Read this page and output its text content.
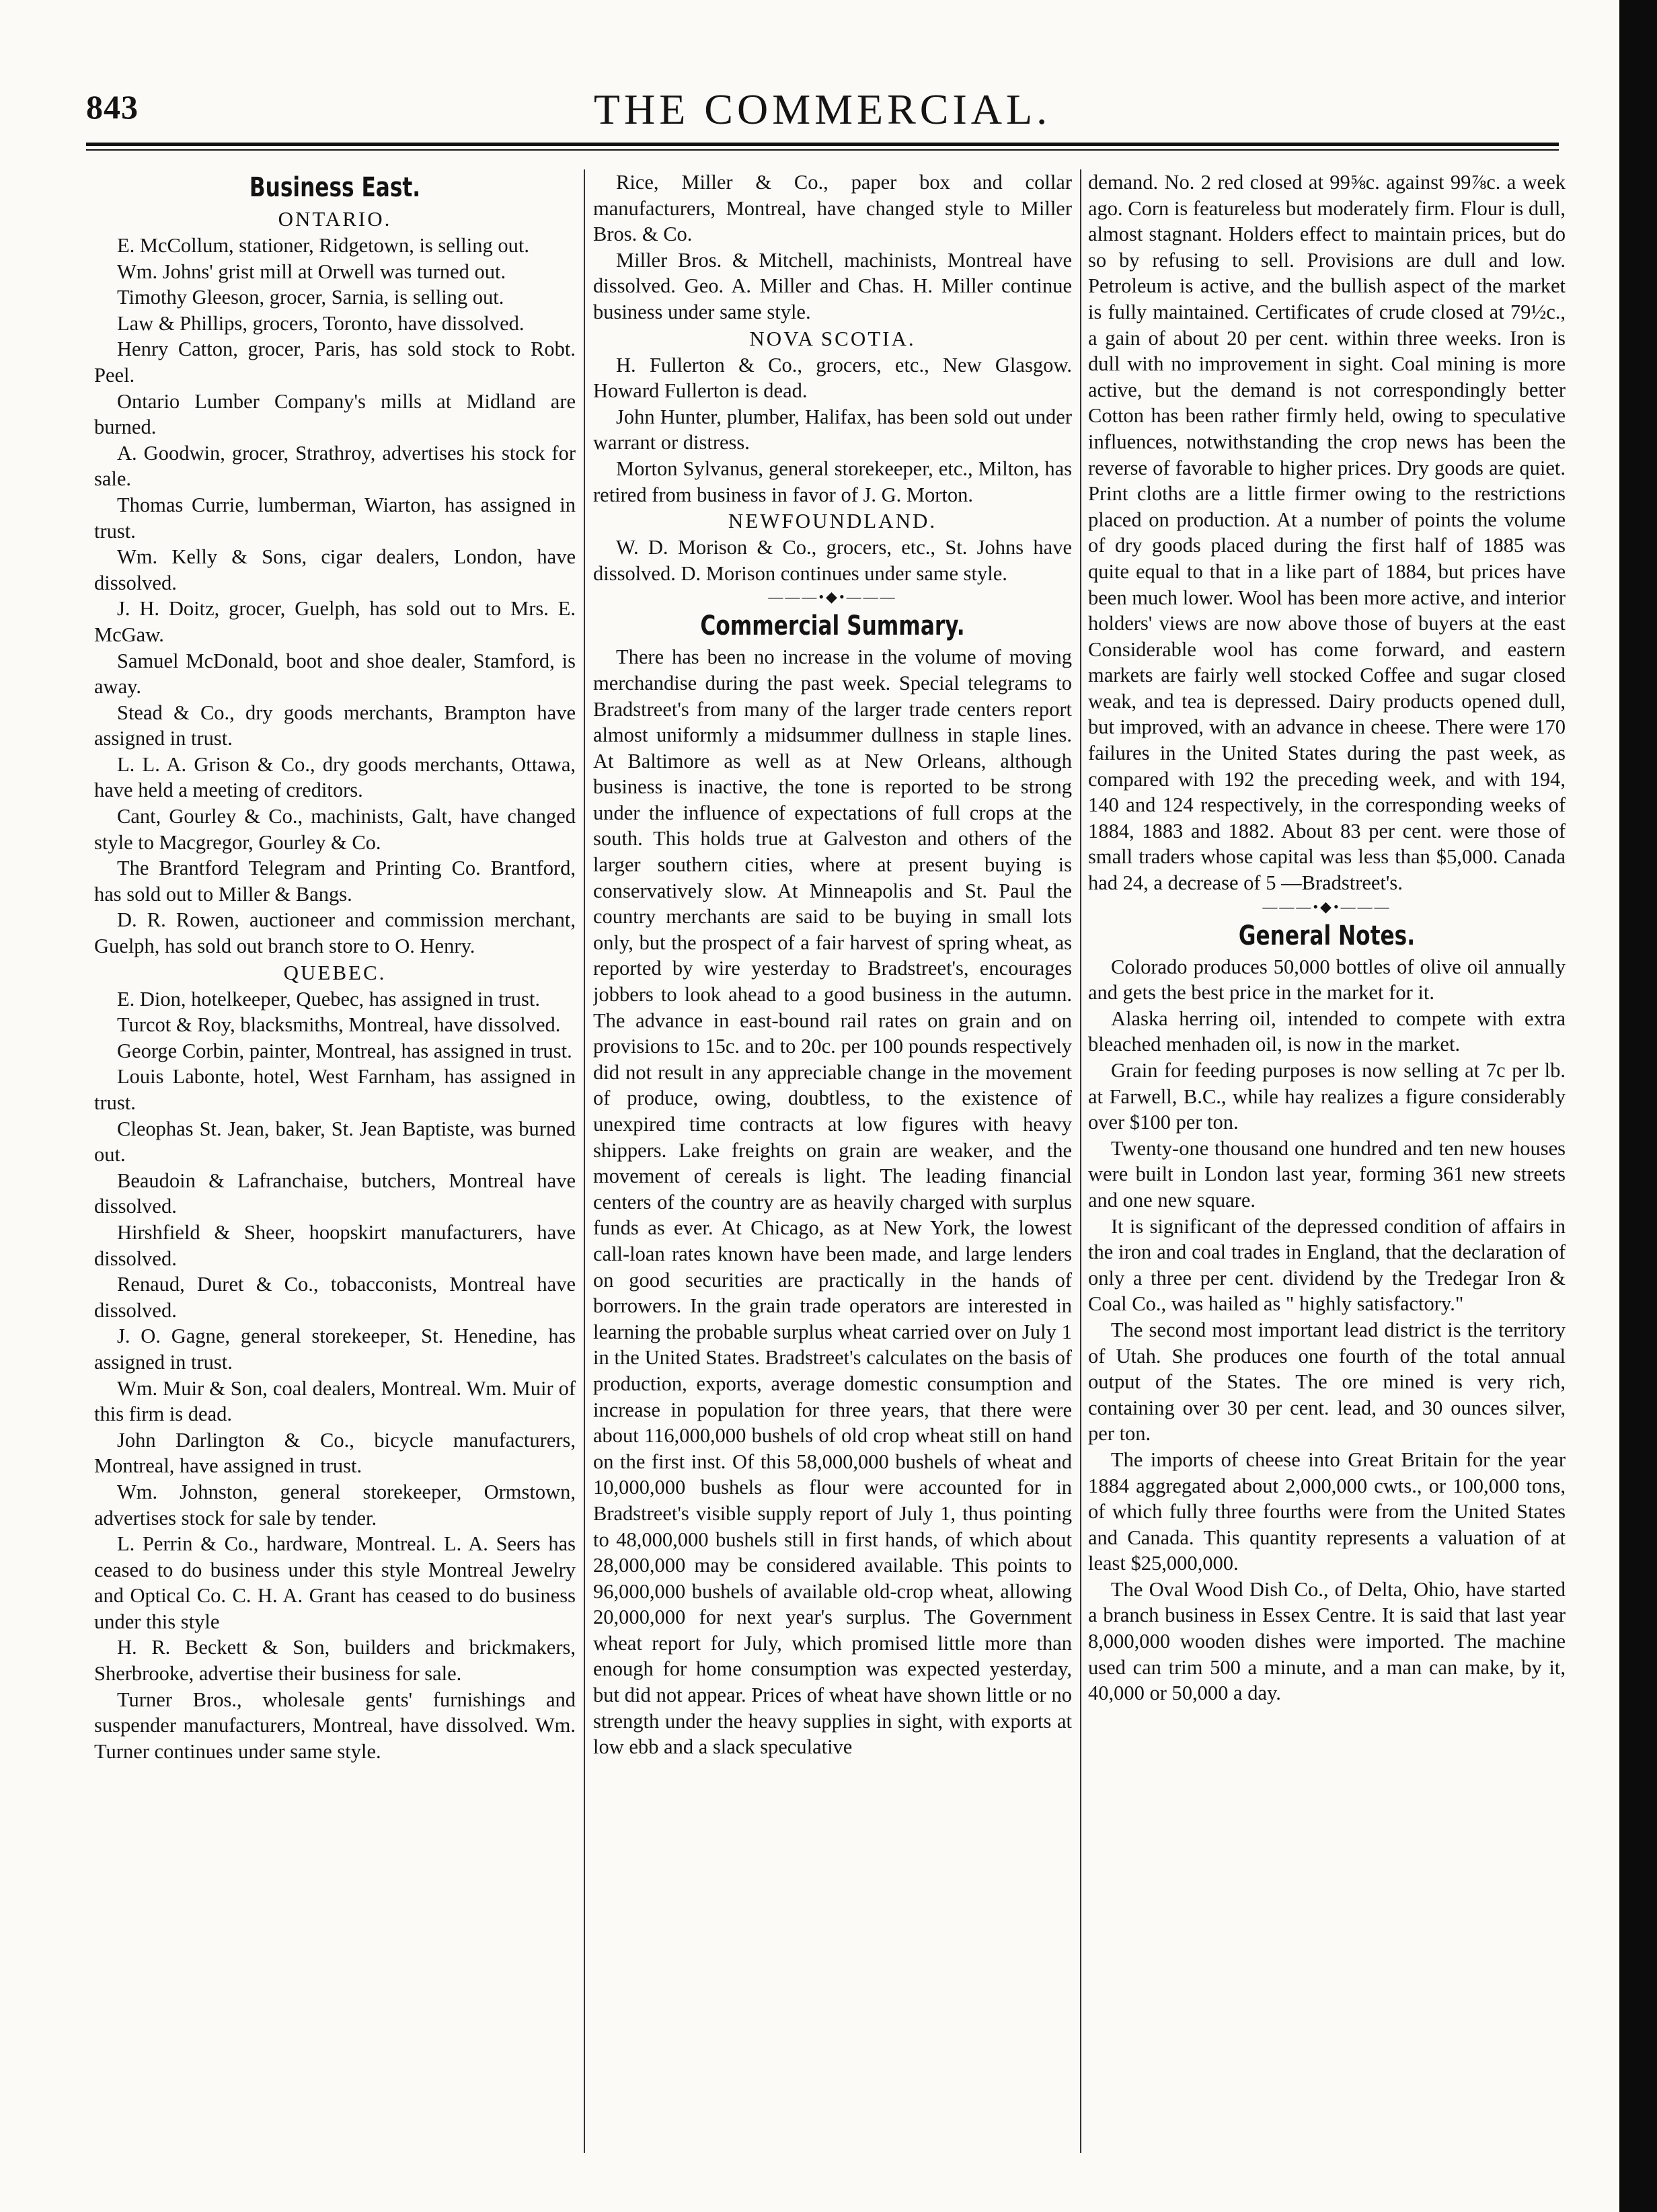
843	THE COMMERCIAL.
Business East.
ONTARIO.

E. McCollum, stationer, Ridgetown, is selling out.

Wm. Johns' grist mill at Orwell was turned out.

Timothy Gleeson, grocer, Sarnia, is selling out.

Law & Phillips, grocers, Toronto, have dissolved.

Henry Catton, grocer, Paris, has sold stock to Robt. Peel.

Ontario Lumber Company's mills at Midland are burned.

A. Goodwin, grocer, Strathroy, advertises his stock for sale.

Thomas Currie, lumberman, Wiarton, has assigned in trust.

Wm. Kelly & Sons, cigar dealers, London, have dissolved.

J. H. Doitz, grocer, Guelph, has sold out to Mrs. E. McGaw.

Samuel McDonald, boot and shoe dealer, Stamford, is away.

Stead & Co., dry goods merchants, Brampton have assigned in trust.

L. L. A. Grison & Co., dry goods merchants, Ottawa, have held a meeting of creditors.

Cant, Gourley & Co., machinists, Galt, have changed style to Macgregor, Gourley & Co.

The Brantford Telegram and Printing Co. Brantford, has sold out to Miller & Bangs.

D. R. Rowen, auctioneer and commission merchant, Guelph, has sold out branch store to O. Henry.

QUEBEC.

E. Dion, hotelkeeper, Quebec, has assigned in trust.

Turcot & Roy, blacksmiths, Montreal, have dissolved.

George Corbin, painter, Montreal, has assigned in trust.

Louis Labonte, hotel, West Farnham, has assigned in trust.

Cleophas St. Jean, baker, St. Jean Baptiste, was burned out.

Beaudoin & Lafranchaise, butchers, Montreal have dissolved.

Hirshfield & Sheer, hoopskirt manufacturers, have dissolved.

Renaud, Duret & Co., tobacconists, Montreal have dissolved.

J. O. Gagne, general storekeeper, St. Henedine, has assigned in trust.

Wm. Muir & Son, coal dealers, Montreal. Wm. Muir of this firm is dead.

John Darlington & Co., bicycle manufacturers, Montreal, have assigned in trust.

Wm. Johnston, general storekeeper, Ormstown, advertises stock for sale by tender.

L. Perrin & Co., hardware, Montreal. L. A. Seers has ceased to do business under this style Montreal Jewelry and Optical Co. C. H. A. Grant has ceased to do business under this style

H. R. Beckett & Son, builders and brickmakers, Sherbrooke, advertise their business for sale.

Turner Bros., wholesale gents' furnishings and suspender manufacturers, Montreal, have dissolved. Wm. Turner continues under same style.

Rice, Miller & Co., paper box and collar manufacturers, Montreal, have changed style to Miller Bros. & Co.

Miller Bros. & Mitchell, machinists, Montreal have dissolved. Geo. A. Miller and Chas. H. Miller continue business under same style.

NOVA SCOTIA.

H. Fullerton & Co., grocers, etc., New Glasgow. Howard Fullerton is dead.

John Hunter, plumber, Halifax, has been sold out under warrant or distress.

Morton Sylvanus, general storekeeper, etc., Milton, has retired from business in favor of J. G. Morton.

NEWFOUNDLAND.

W. D. Morison & Co., grocers, etc., St. Johns have dissolved. D. Morison continues under same style.

———•◆•———
Commercial Summary.

There has been no increase in the volume of moving merchandise during the past week. Special telegrams to Bradstreet's from many of the larger trade centers report almost uniformly a midsummer dullness in staple lines. At Baltimore as well as at New Orleans, although business is inactive, the tone is reported to be strong under the influence of expectations of full crops at the south. This holds true at Galveston and others of the larger southern cities, where at present buying is conservatively slow. At Minneapolis and St. Paul the country merchants are said to be buying in small lots only, but the prospect of a fair harvest of spring wheat, as reported by wire yesterday to Bradstreet's, encourages jobbers to look ahead to a good business in the autumn. The advance in east-bound rail rates on grain and on provisions to 15c. and to 20c. per 100 pounds respectively did not result in any appreciable change in the movement of produce, owing, doubtless, to the existence of unexpired time contracts at low figures with heavy shippers. Lake freights on grain are weaker, and the movement of cereals is light. The leading financial centers of the country are as heavily charged with surplus funds as ever. At Chicago, as at New York, the lowest call-loan rates known have been made, and large lenders on good securities are practically in the hands of borrowers. In the grain trade operators are interested in learning the probable surplus wheat carried over on July 1 in the United States. Bradstreet's calculates on the basis of production, exports, average domestic consumption and increase in population for three years, that there were about 116,000,000 bushels of old crop wheat still on hand on the first inst. Of this 58,000,000 bushels of wheat and 10,000,000 bushels as flour were accounted for in Bradstreet's visible supply report of July 1, thus pointing to 48,000,000 bushels still in first hands, of which about 28,000,000 may be considered available. This points to 96,000,000 bushels of available old-crop wheat, allowing 20,000,000 for next year's surplus. The Government wheat report for July, which promised little more than enough for home consumption was expected yesterday, but did not appear. Prices of wheat have shown little or no strength under the heavy supplies in sight, with exports at low ebb and a slack speculative

demand. No. 2 red closed at 99⅝c. against 99⅞c. a week ago. Corn is featureless but moderately firm. Flour is dull, almost stagnant. Holders effect to maintain prices, but do so by refusing to sell. Provisions are dull and low. Petroleum is active, and the bullish aspect of the market is fully maintained. Certificates of crude closed at 79½c., a gain of about 20 per cent. within three weeks. Iron is dull with no improvement in sight. Coal mining is more active, but the demand is not correspondingly better Cotton has been rather firmly held, owing to speculative influences, notwithstanding the crop news has been the reverse of favorable to higher prices. Dry goods are quiet. Print cloths are a little firmer owing to the restrictions placed on production. At a number of points the volume of dry goods placed during the first half of 1885 was quite equal to that in a like part of 1884, but prices have been much lower. Wool has been more active, and interior holders' views are now above those of buyers at the east Considerable wool has come forward, and eastern markets are fairly well stocked Coffee and sugar closed weak, and tea is depressed. Dairy products opened dull, but improved, with an advance in cheese. There were 170 failures in the United States during the past week, as compared with 192 the preceding week, and with 194, 140 and 124 respectively, in the corresponding weeks of 1884, 1883 and 1882. About 83 per cent. were those of small traders whose capital was less than $5,000. Canada had 24, a decrease of 5 —Bradstreet's.

———•◆•———
General Notes.

Colorado produces 50,000 bottles of olive oil annually and gets the best price in the market for it.

Alaska herring oil, intended to compete with extra bleached menhaden oil, is now in the market.

Grain for feeding purposes is now selling at 7c per lb. at Farwell, B.C., while hay realizes a figure considerably over $100 per ton.

Twenty-one thousand one hundred and ten new houses were built in London last year, forming 361 new streets and one new square.

It is significant of the depressed condition of affairs in the iron and coal trades in England, that the declaration of only a three per cent. dividend by the Tredegar Iron & Coal Co., was hailed as " highly satisfactory."

The second most important lead district is the territory of Utah. She produces one fourth of the total annual output of the States. The ore mined is very rich, containing over 30 per cent. lead, and 30 ounces silver, per ton.

The imports of cheese into Great Britain for the year 1884 aggregated about 2,000,000 cwts., or 100,000 tons, of which fully three fourths were from the United States and Canada. This quantity represents a valuation of at least $25,000,000.

The Oval Wood Dish Co., of Delta, Ohio, have started a branch business in Essex Centre. It is said that last year 8,000,000 wooden dishes were imported. The machine used can trim 500 a minute, and a man can make, by it, 40,000 or 50,000 a day.
